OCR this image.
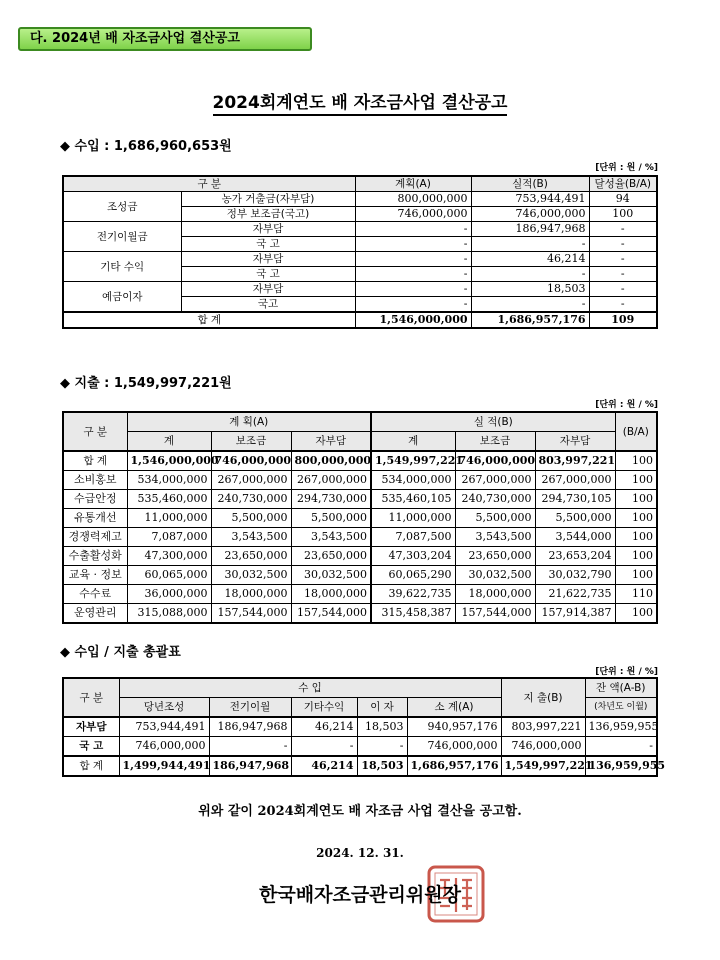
다. 2024년 배 자조금사업 결산공고
2024회계연도 배 자조금사업 결산공고
◆ 수입 : 1,686,960,653원
[단위 : 원 / %]
구 분		계획(A)	실적(B)	달성율(B/A)
조성금	농가 거출금(자부담)	800,000,000	753,944,491	94
	정부 보조금(국고)	746,000,000	746,000,000	100
전기이월금	자부담	-	186,947,968	-
	국 고	-	-	-
기타 수익	자부담	-	46,214	-
	국 고	-	-	-
예금이자	자부담	-	18,503	-
	국고	-	-	-
합 계		1,546,000,000	1,686,957,176	109
◆ 지출 : 1,549,997,221원
[단위 : 원 / %]
구 분	계 획(A)			실 적(B)			(B/A)
	계	보조금	자부담	계	보조금	자부담	
합 계	1,546,000,000	746,000,000	800,000,000	1,549,997,221	746,000,000	803,997,221	100
소비홍보	534,000,000	267,000,000	267,000,000	534,000,000	267,000,000	267,000,000	100
수급안정	535,460,000	240,730,000	294,730,000	535,460,105	240,730,000	294,730,105	100
유통개선	11,000,000	5,500,000	5,500,000	11,000,000	5,500,000	5,500,000	100
경쟁력제고	7,087,000	3,543,500	3,543,500	7,087,500	3,543,500	3,544,000	100
수출활성화	47,300,000	23,650,000	23,650,000	47,303,204	23,650,000	23,653,204	100
교육 · 정보	60,065,000	30,032,500	30,032,500	60,065,290	30,032,500	30,032,790	100
수수료	36,000,000	18,000,000	18,000,000	39,622,735	18,000,000	21,622,735	110
운영관리	315,088,000	157,544,000	157,544,000	315,458,387	157,544,000	157,914,387	100
◆ 수입 / 지출 총괄표
[단위 : 원 / %]
구 분	수 입					지 출(B)	잔 액(A-B)
	당년조성	전기이월	기타수익	이 자	소 계(A)		(차년도 이월)
자부담	753,944,491	186,947,968	46,214	18,503	940,957,176	803,997,221	136,959,955
국 고	746,000,000	-	-	-	746,000,000	746,000,000	-
합 계	1,499,944,491	186,947,968	46,214	18,503	1,686,957,176	1,549,997,221	136,959,955
위와 같이 2024회계연도 배 자조금 사업 결산을 공고함.
2024. 12. 31.
한국배자조금관리위원장
